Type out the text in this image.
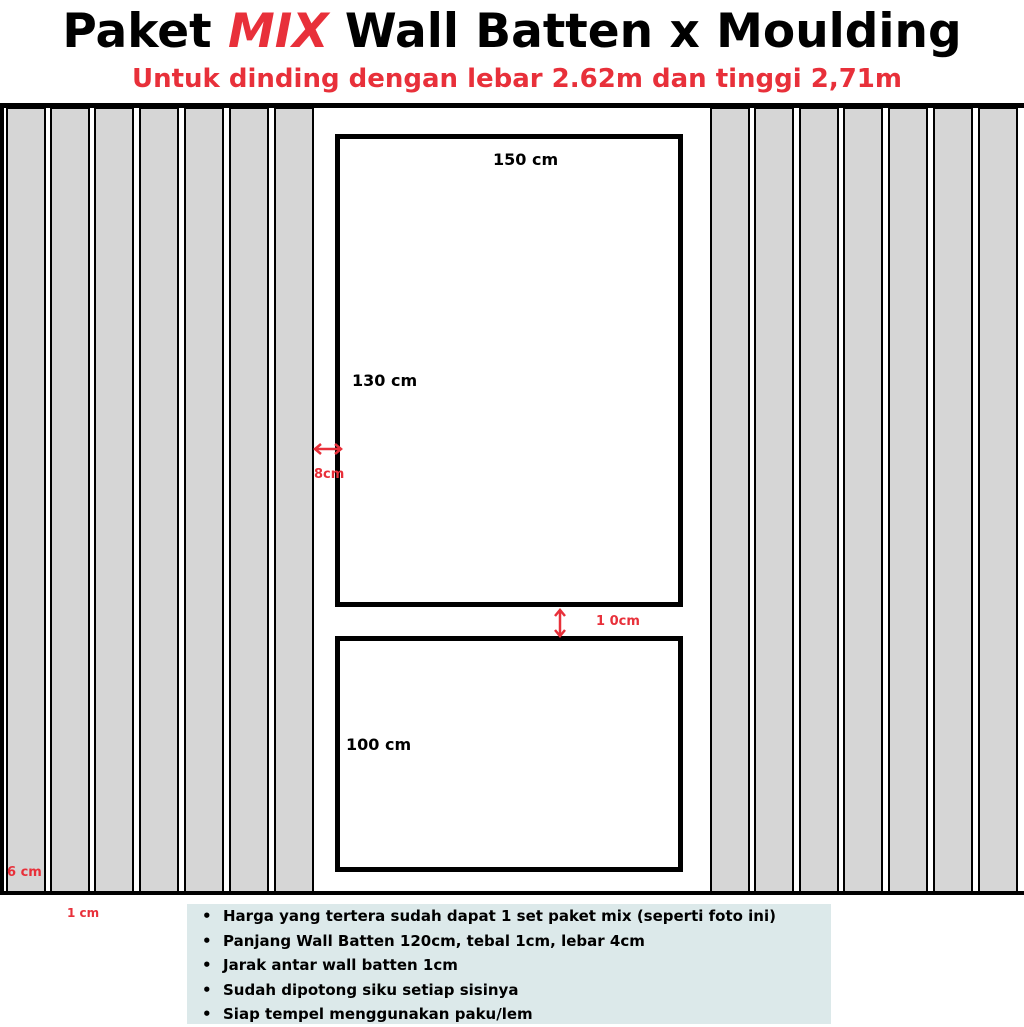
Paket MIX Wall Batten x Moulding
Untuk dinding dengan lebar 2.62m dan tinggi 2,71m
150 cm
130 cm
100 cm
8cm
1 0cm
6 cm
1 cm
•	Harga yang tertera sudah dapat 1 set paket mix (seperti foto ini)
• Panjang Wall Batten 120cm, tebal 1cm, lebar 4cm
• Jarak antar wall batten 1cm
• Sudah dipotong siku setiap sisinya
• Siap tempel menggunakan paku/lem
